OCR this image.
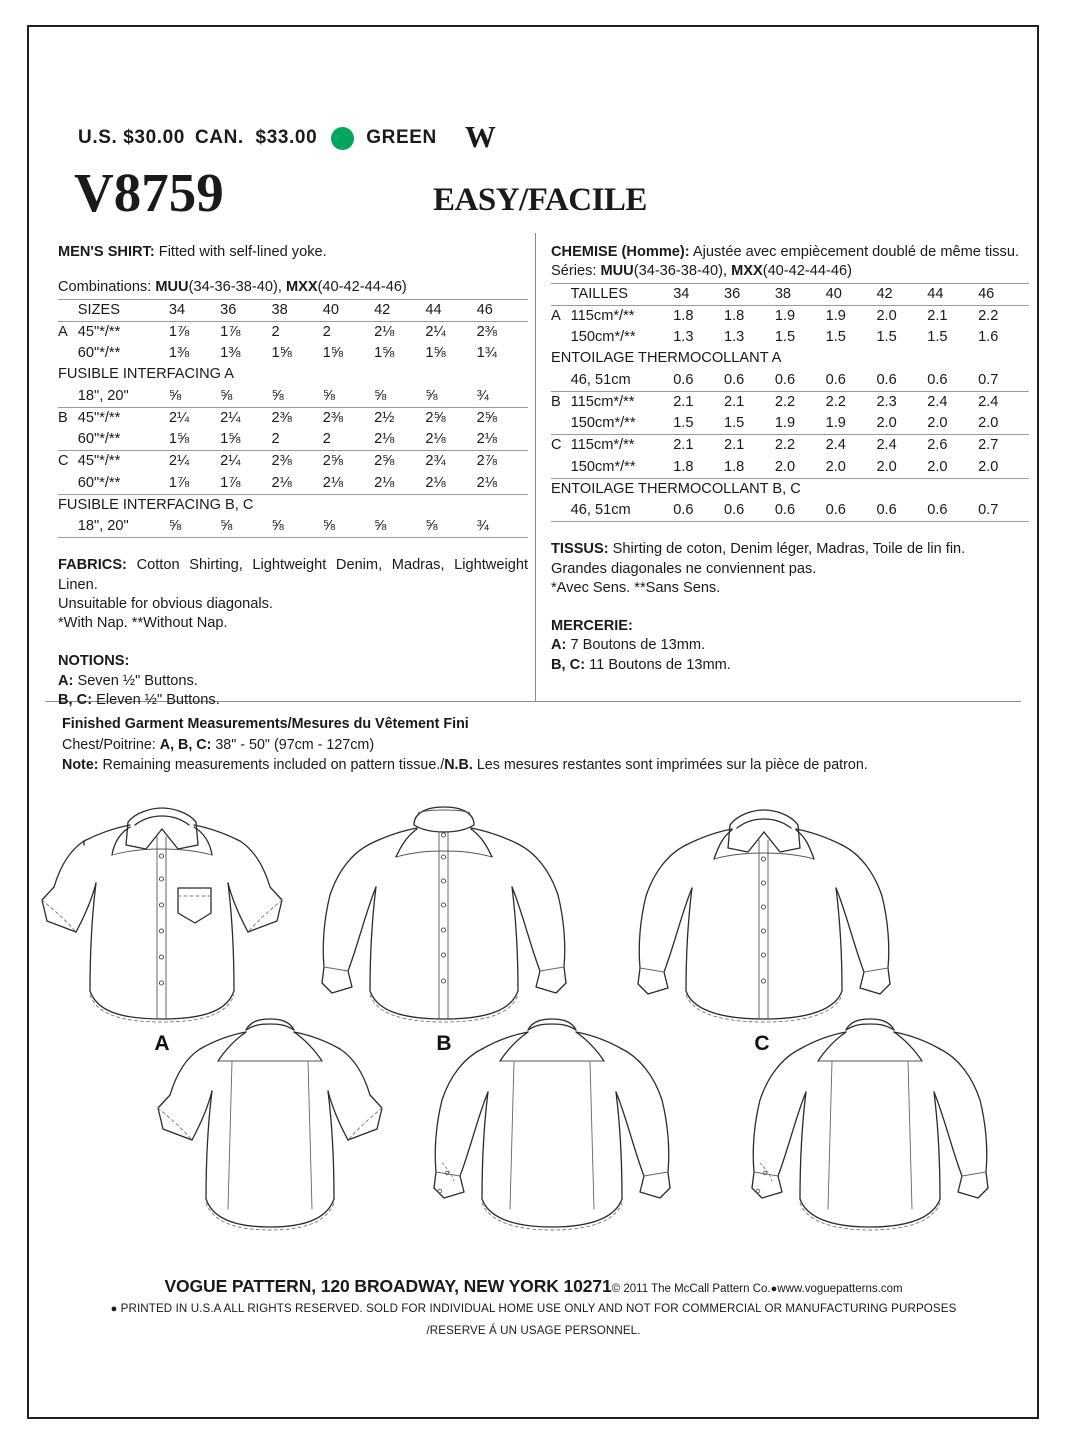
U.S. $30.00 CAN.  $33.00	GREEN W
V8759	EASY/FACILE
MEN'S SHIRT: Fitted with self-lined yoke.
Combinations: MUU(34-36-38-40), MXX(40-42-44-46)
	SIZES	34	36	38	40	42	44	46
A	45"*/**	1⅞	1⅞	2	2	2⅛	2¼	2⅜
	60"*/**	1⅜	1⅜	1⅝	1⅝	1⅝	1⅝	1¾
FUSIBLE INTERFACING A								
	18", 20"	⅝	⅝	⅝	⅝	⅝	⅝	¾
B	45"*/**	2¼	2¼	2⅜	2⅜	2½	2⅝	2⅝
	60"*/**	1⅝	1⅝	2	2	2⅛	2⅛	2⅛
C	45"*/**	2¼	2¼	2⅜	2⅝	2⅝	2¾	2⅞
	60"*/**	1⅞	1⅞	2⅛	2⅛	2⅛	2⅛	2⅛
FUSIBLE INTERFACING B, C								
	18", 20"	⅝	⅝	⅝	⅝	⅝	⅝	¾
FABRICS: Cotton Shirting, Lightweight Denim, Madras, Lightweight Linen.
Unsuitable for obvious diagonals.
*With Nap. **Without Nap.
NOTIONS:
A: Seven ½" Buttons.
B, C: Eleven ½" Buttons.
CHEMISE (Homme): Ajustée avec empiècement doublé de même tissu.
Séries: MUU(34-36-38-40), MXX(40-42-44-46)
	TAILLES	34	36	38	40	42	44	46
A	115cm*/**	1.8	1.8	1.9	1.9	2.0	2.1	2.2
	150cm*/**	1.3	1.3	1.5	1.5	1.5	1.5	1.6
ENTOILAGE THERMOCOLLANT A								
	46, 51cm	0.6	0.6	0.6	0.6	0.6	0.6	0.7
B	115cm*/**	2.1	2.1	2.2	2.2	2.3	2.4	2.4
	150cm*/**	1.5	1.5	1.9	1.9	2.0	2.0	2.0
C	115cm*/**	2.1	2.1	2.2	2.4	2.4	2.6	2.7
	150cm*/**	1.8	1.8	2.0	2.0	2.0	2.0	2.0
ENTOILAGE THERMOCOLLANT B, C								
	46, 51cm	0.6	0.6	0.6	0.6	0.6	0.6	0.7
TISSUS: Shirting de coton, Denim léger, Madras, Toile de lin fin.
Grandes diagonales ne conviennent pas.
*Avec Sens. **Sans Sens.
MERCERIE:
A: 7 Boutons de 13mm.
B, C: 11 Boutons de 13mm.
Finished Garment Measurements/Mesures du Vêtement Fini
Chest/Poitrine: A, B, C: 38" - 50" (97cm - 127cm)
Note: Remaining measurements included on pattern tissue./N.B. Les mesures restantes sont imprimées sur la pièce de patron.
A	B	C
VOGUE PATTERN, 120 BROADWAY, NEW YORK 10271© 2011 The McCall Pattern Co.●www.voguepatterns.com
● PRINTED IN U.S.A ALL RIGHTS RESERVED. SOLD FOR INDIVIDUAL HOME USE ONLY AND NOT FOR COMMERCIAL OR MANUFACTURING PURPOSES
/RESERVE Á UN USAGE PERSONNEL.
